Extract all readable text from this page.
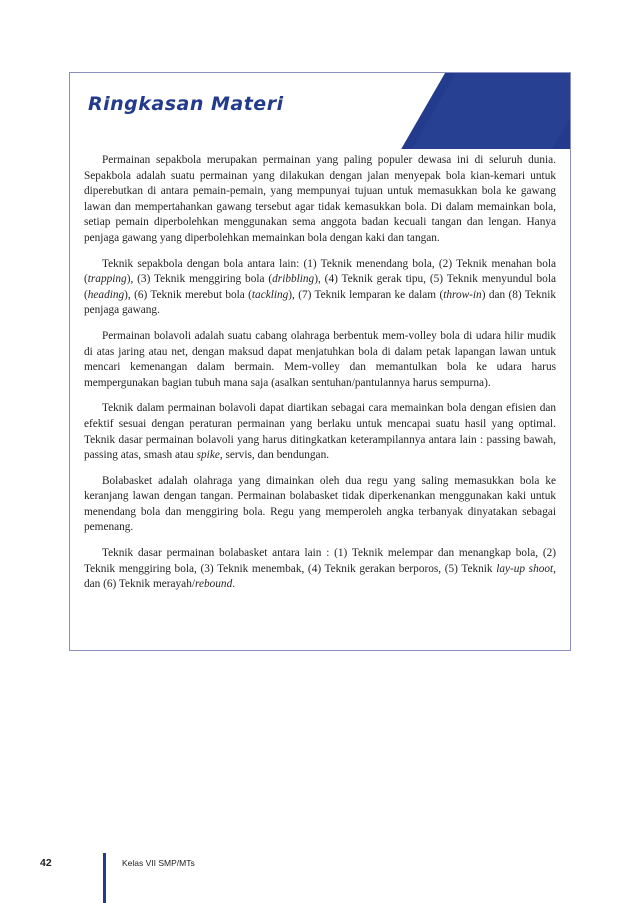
Ringkasan Materi

Permainan sepakbola merupakan permainan yang paling populer dewasa ini di seluruh dunia. Sepakbola adalah suatu permainan yang dilakukan dengan jalan menyepak bola kian-kemari untuk diperebutkan di antara pemain-pemain, yang mempunyai tujuan untuk memasukkan bola ke gawang lawan dan mempertahankan gawang tersebut agar tidak kemasukkan bola. Di dalam memainkan bola, setiap pemain diperbolehkan menggunakan sema anggota badan kecuali tangan dan lengan. Hanya penjaga gawang yang diperbolehkan memainkan bola dengan kaki dan tangan.

Teknik sepakbola dengan bola antara lain: (1) Teknik menendang bola, (2) Teknik menahan bola (trapping), (3) Teknik menggiring bola (dribbling), (4) Teknik gerak tipu, (5) Teknik menyundul bola (heading), (6) Teknik merebut bola (tackling), (7) Teknik lemparan ke dalam (throw-in) dan (8) Teknik penjaga gawang.

Permainan bolavoli adalah suatu cabang olahraga berbentuk mem-volley bola di udara hilir mudik di atas jaring atau net, dengan maksud dapat menjatuhkan bola di dalam petak lapangan lawan untuk mencari kemenangan dalam bermain. Mem-volley dan memantulkan bola ke udara harus mempergunakan bagian tubuh mana saja (asalkan sentuhan/pantulannya harus sempurna).

Teknik dalam permainan bolavoli dapat diartikan sebagai cara memainkan bola dengan efisien dan efektif sesuai dengan peraturan permainan yang berlaku untuk mencapai suatu hasil yang optimal. Teknik dasar permainan bolavoli yang harus ditingkatkan keterampilannya antara lain : passing bawah, passing atas, smash atau spike, servis, dan bendungan.

Bolabasket adalah olahraga yang dimainkan oleh dua regu yang saling memasukkan bola ke keranjang lawan dengan tangan. Permainan bolabasket tidak diperkenankan menggunakan kaki untuk menendang bola dan menggiring bola. Regu yang memperoleh angka terbanyak dinyatakan sebagai pemenang.

Teknik dasar permainan bolabasket antara lain : (1) Teknik melempar dan menangkap bola, (2) Teknik menggiring bola, (3) Teknik menembak, (4) Teknik gerakan berporos, (5) Teknik lay-up shoot, dan (6) Teknik merayah/rebound.

42	Kelas VII SMP/MTs
